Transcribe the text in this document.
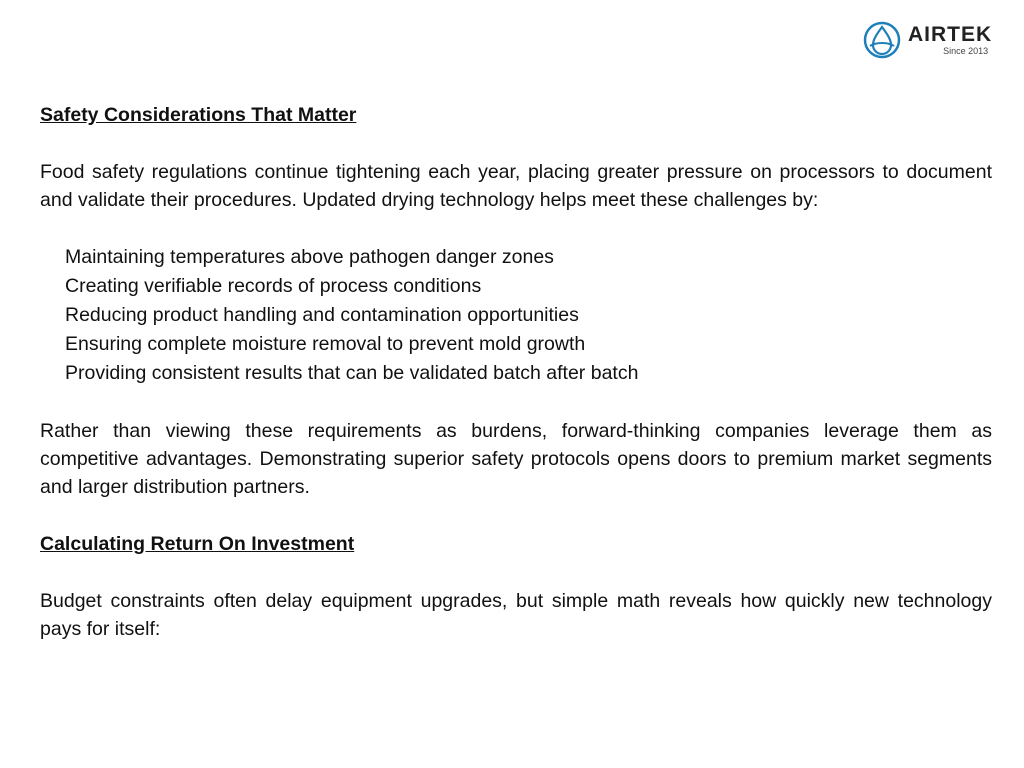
AIRTEK
Since 2013

Safety Considerations That Matter

Food safety regulations continue tightening each year, placing greater pressure on processors to document and validate their procedures. Updated drying technology helps meet these challenges by:

Maintaining temperatures above pathogen danger zones
Creating verifiable records of process conditions
Reducing product handling and contamination opportunities
Ensuring complete moisture removal to prevent mold growth
Providing consistent results that can be validated batch after batch

Rather than viewing these requirements as burdens, forward-thinking companies leverage them as competitive advantages. Demonstrating superior safety protocols opens doors to premium market segments and larger distribution partners.

Calculating Return On Investment

Budget constraints often delay equipment upgrades, but simple math reveals how quickly new technology pays for itself:
